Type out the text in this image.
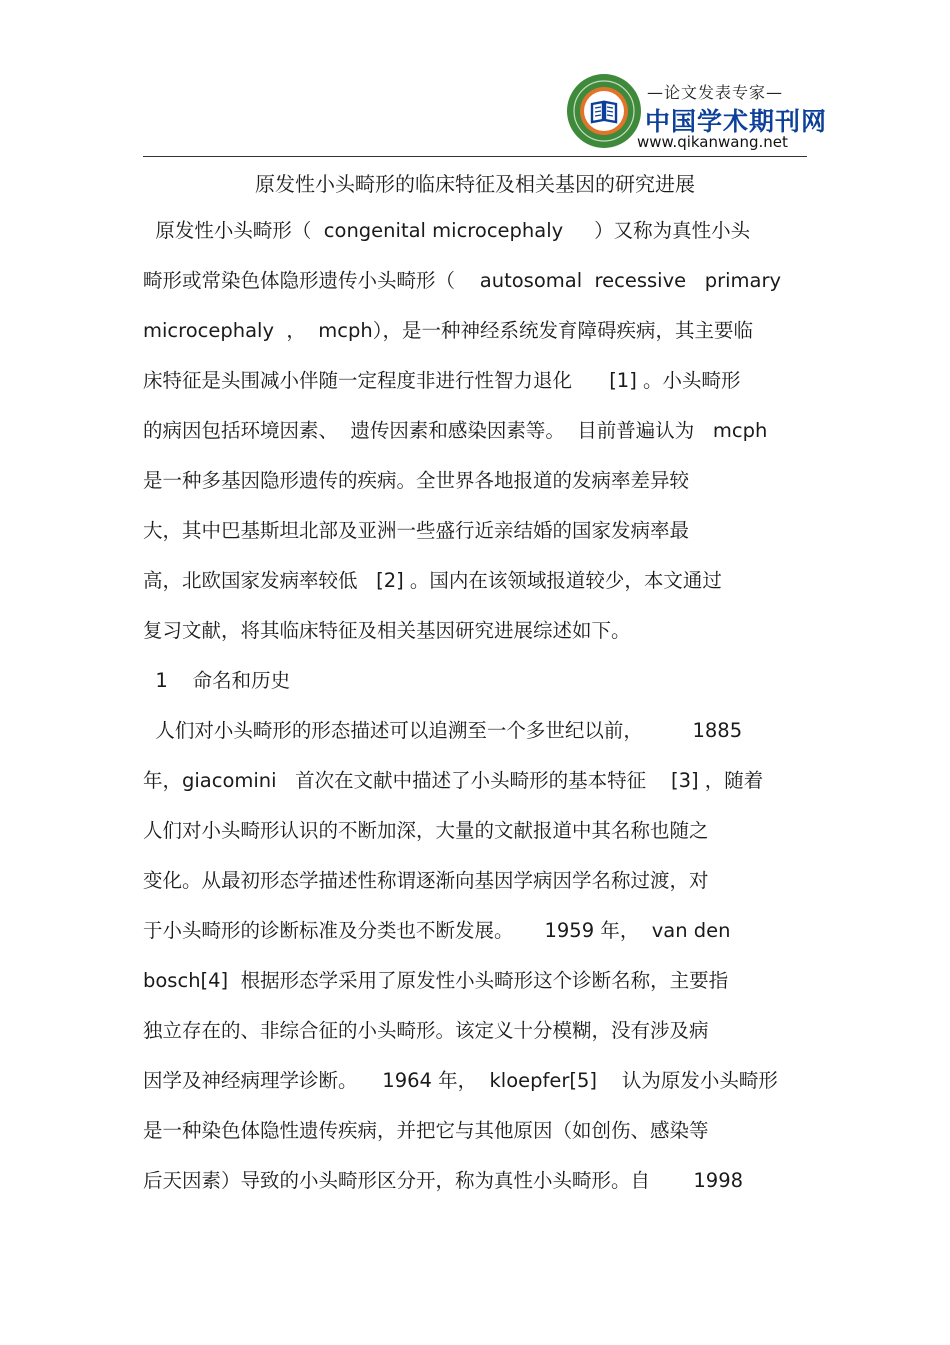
—论文发表专家—
中国学术期刊网
www.qikanwang.net
原发性小头畸形的临床特征及相关基因的研究进展
原发性小头畸形（  congenital microcephaly     ）又称为真性小头
畸形或常染色体隐形遗传小头畸形（    autosomal  recessive   primary
microcephaly  ，  mcph），是一种神经系统发育障碍疾病，其主要临
床特征是头围减小伴随一定程度非进行性智力退化      [1] 。小头畸形
的病因包括环境因素、  遗传因素和感染因素等。  目前普遍认为   mcph
是一种多基因隐形遗传的疾病。全世界各地报道的发病率差异较
大，其中巴基斯坦北部及亚洲一些盛行近亲结婚的国家发病率最
高，北欧国家发病率较低   [2] 。国内在该领域报道较少，本文通过
复习文献，将其临床特征及相关基因研究进展综述如下。
1    命名和历史
人们对小头畸形的形态描述可以追溯至一个多世纪以前，        1885
年，giacomini   首次在文献中描述了小头畸形的基本特征    [3] ，随着
人们对小头畸形认识的不断加深，大量的文献报道中其名称也随之
变化。从最初形态学描述性称谓逐渐向基因学病因学名称过渡，对
于小头畸形的诊断标准及分类也不断发展。     1959 年，  van den
bosch[4]  根据形态学采用了原发性小头畸形这个诊断名称，主要指
独立存在的、非综合征的小头畸形。该定义十分模糊，没有涉及病
因学及神经病理学诊断。    1964 年，  kloepfer[5]    认为原发小头畸形
是一种染色体隐性遗传疾病，并把它与其他原因（如创伤、感染等
后天因素）导致的小头畸形区分开，称为真性小头畸形。自       1998
